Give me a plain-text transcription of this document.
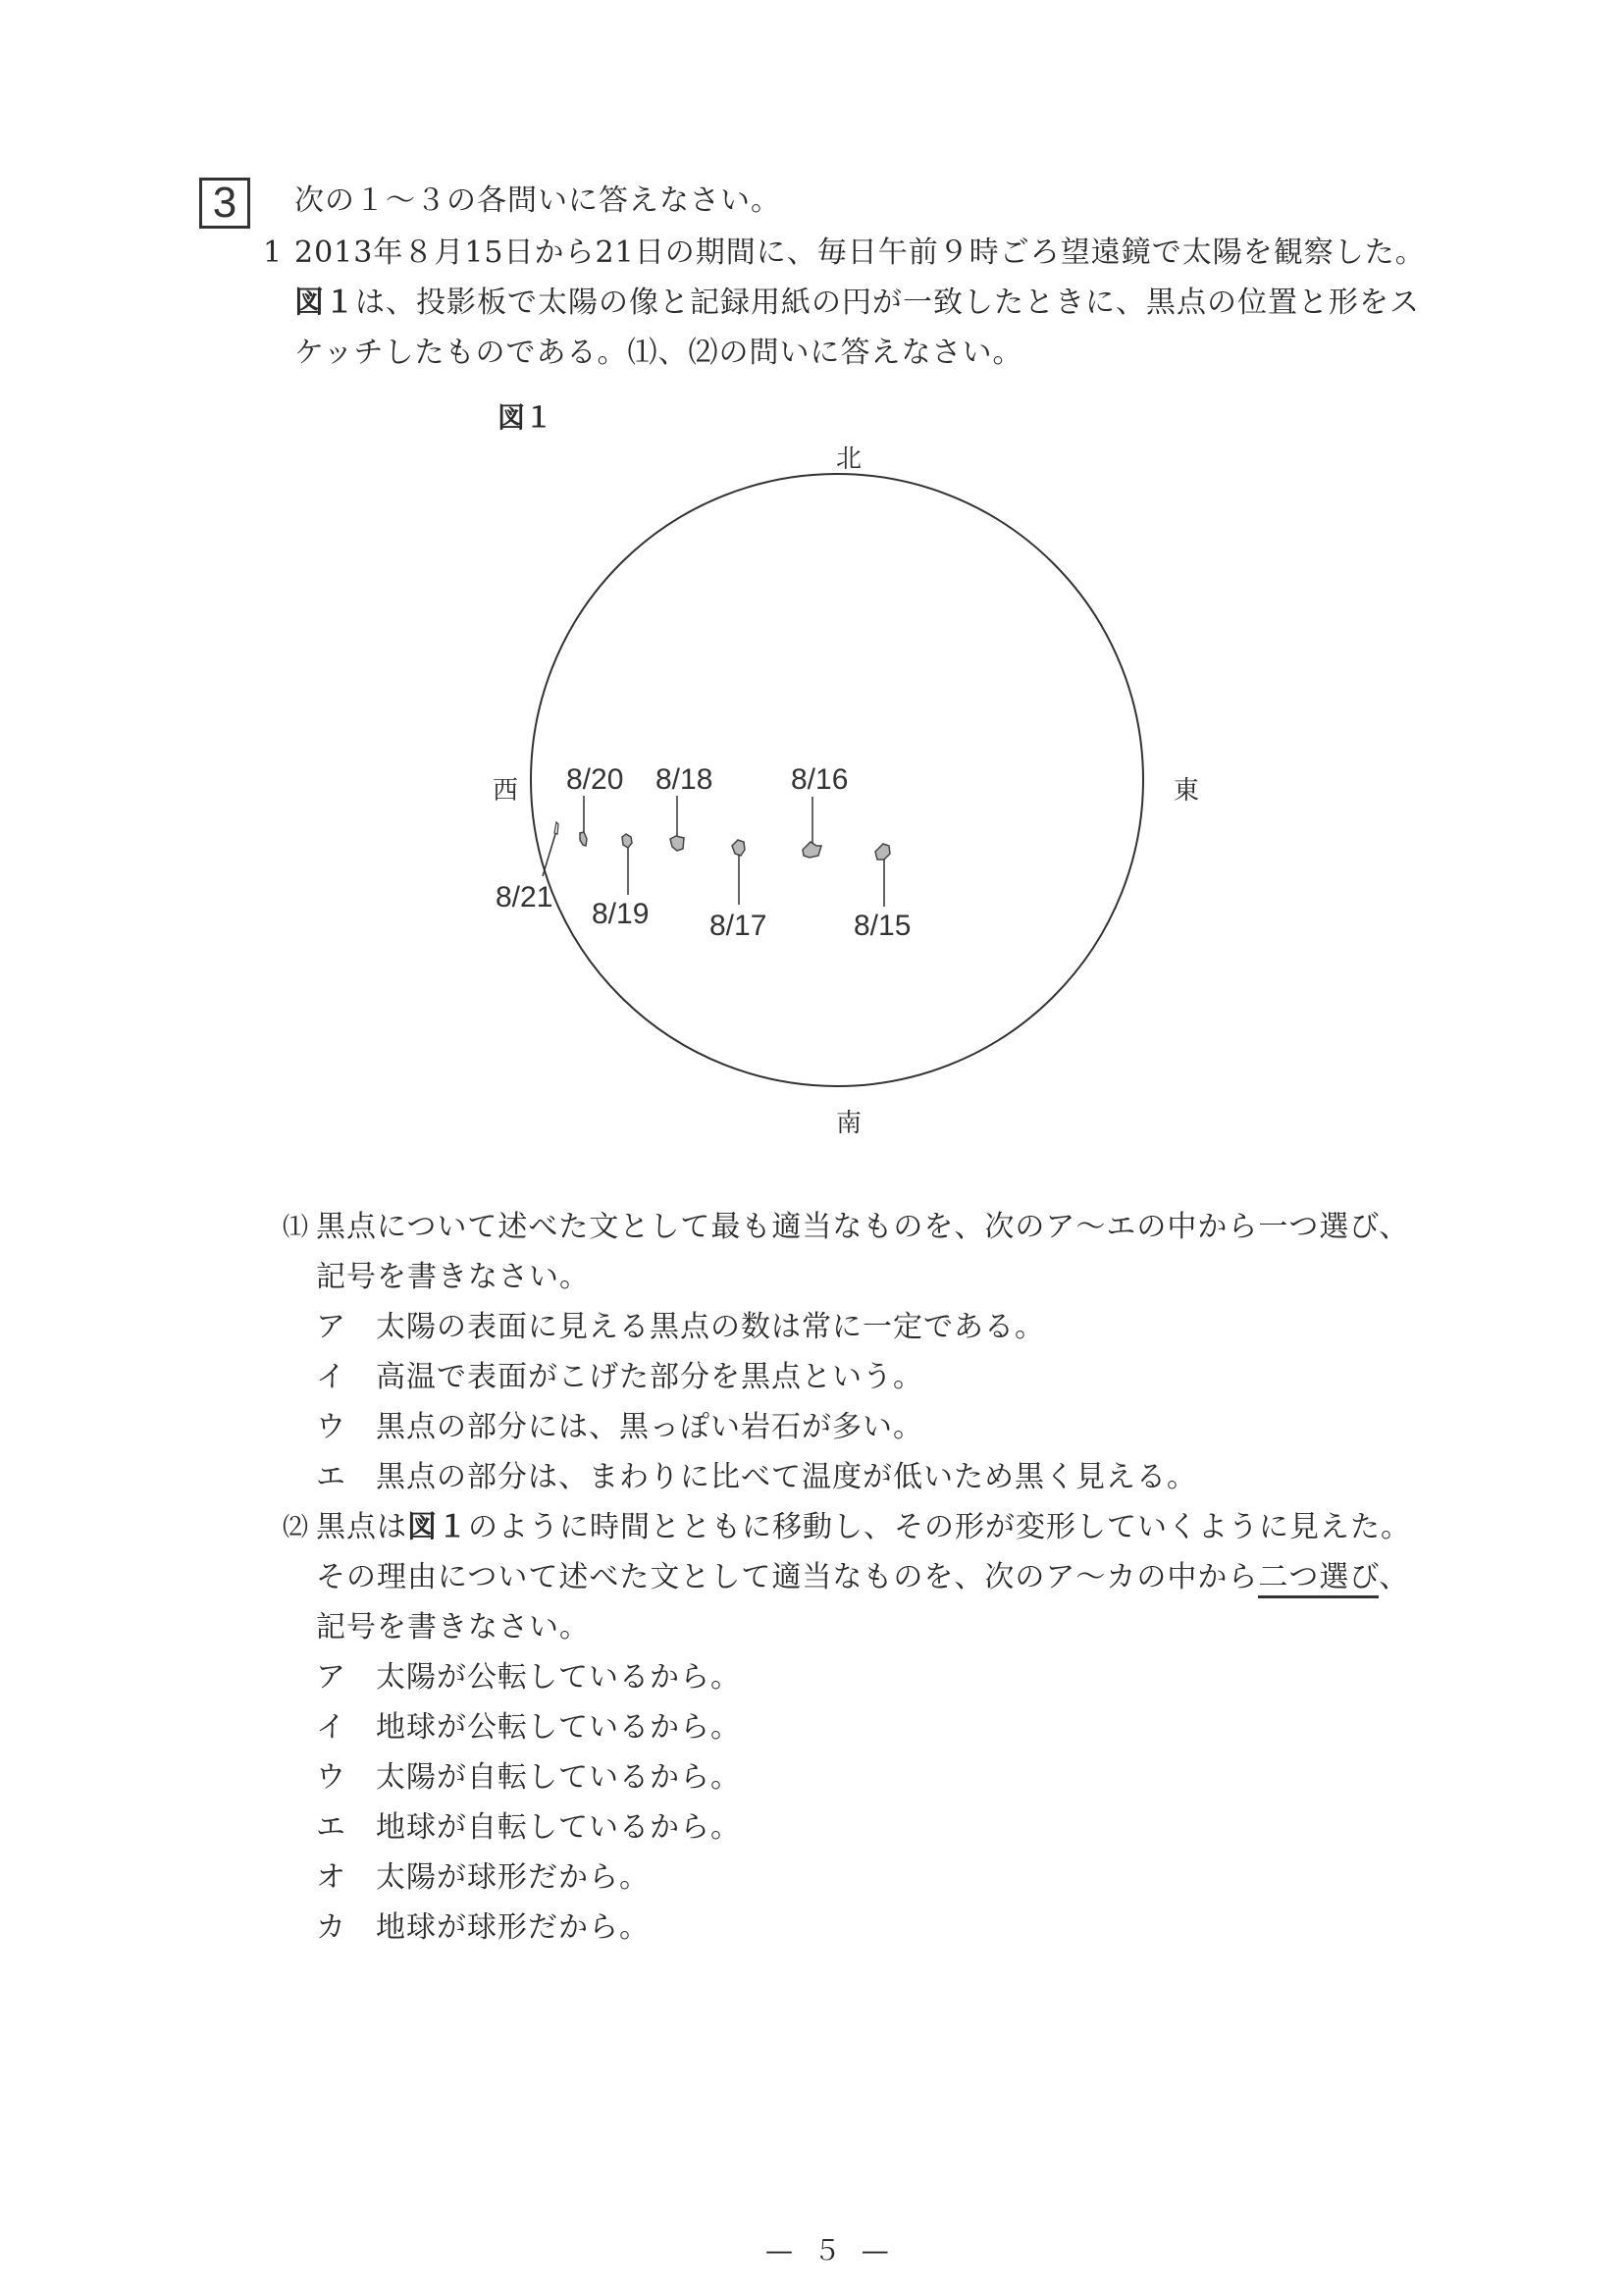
3 次の１～３の各問いに答えなさい。
1 2013年８月15日から21日の期間に、毎日午前９時ごろ望遠鏡で太陽を観察した。
図１は、投影板で太陽の像と記録用紙の円が一致したときに、黒点の位置と形をス
ケッチしたものである。⑴、⑵の問いに答えなさい。
図１
北
南
西	東
8/20 8/18	8/16
8/21
8/19 8/17	8/15
⑴ 黒点について述べた文として最も適当なものを、次のア～エの中から一つ選び、
記号を書きなさい。
ア 太陽の表面に見える黒点の数は常に一定である。
イ 高温で表面がこげた部分を黒点という。
ウ 黒点の部分には、黒っぽい岩石が多い。
エ 黒点の部分は、まわりに比べて温度が低いため黒く見える。
⑵ 黒点は図１のように時間とともに移動し、その形が変形していくように見えた。
その理由について述べた文として適当なものを、次のア～カの中から二つ選び、
記号を書きなさい。
ア 太陽が公転しているから。
イ 地球が公転しているから。
ウ 太陽が自転しているから。
エ 地球が自転しているから。
オ 太陽が球形だから。
カ 地球が球形だから。
— ５ —
